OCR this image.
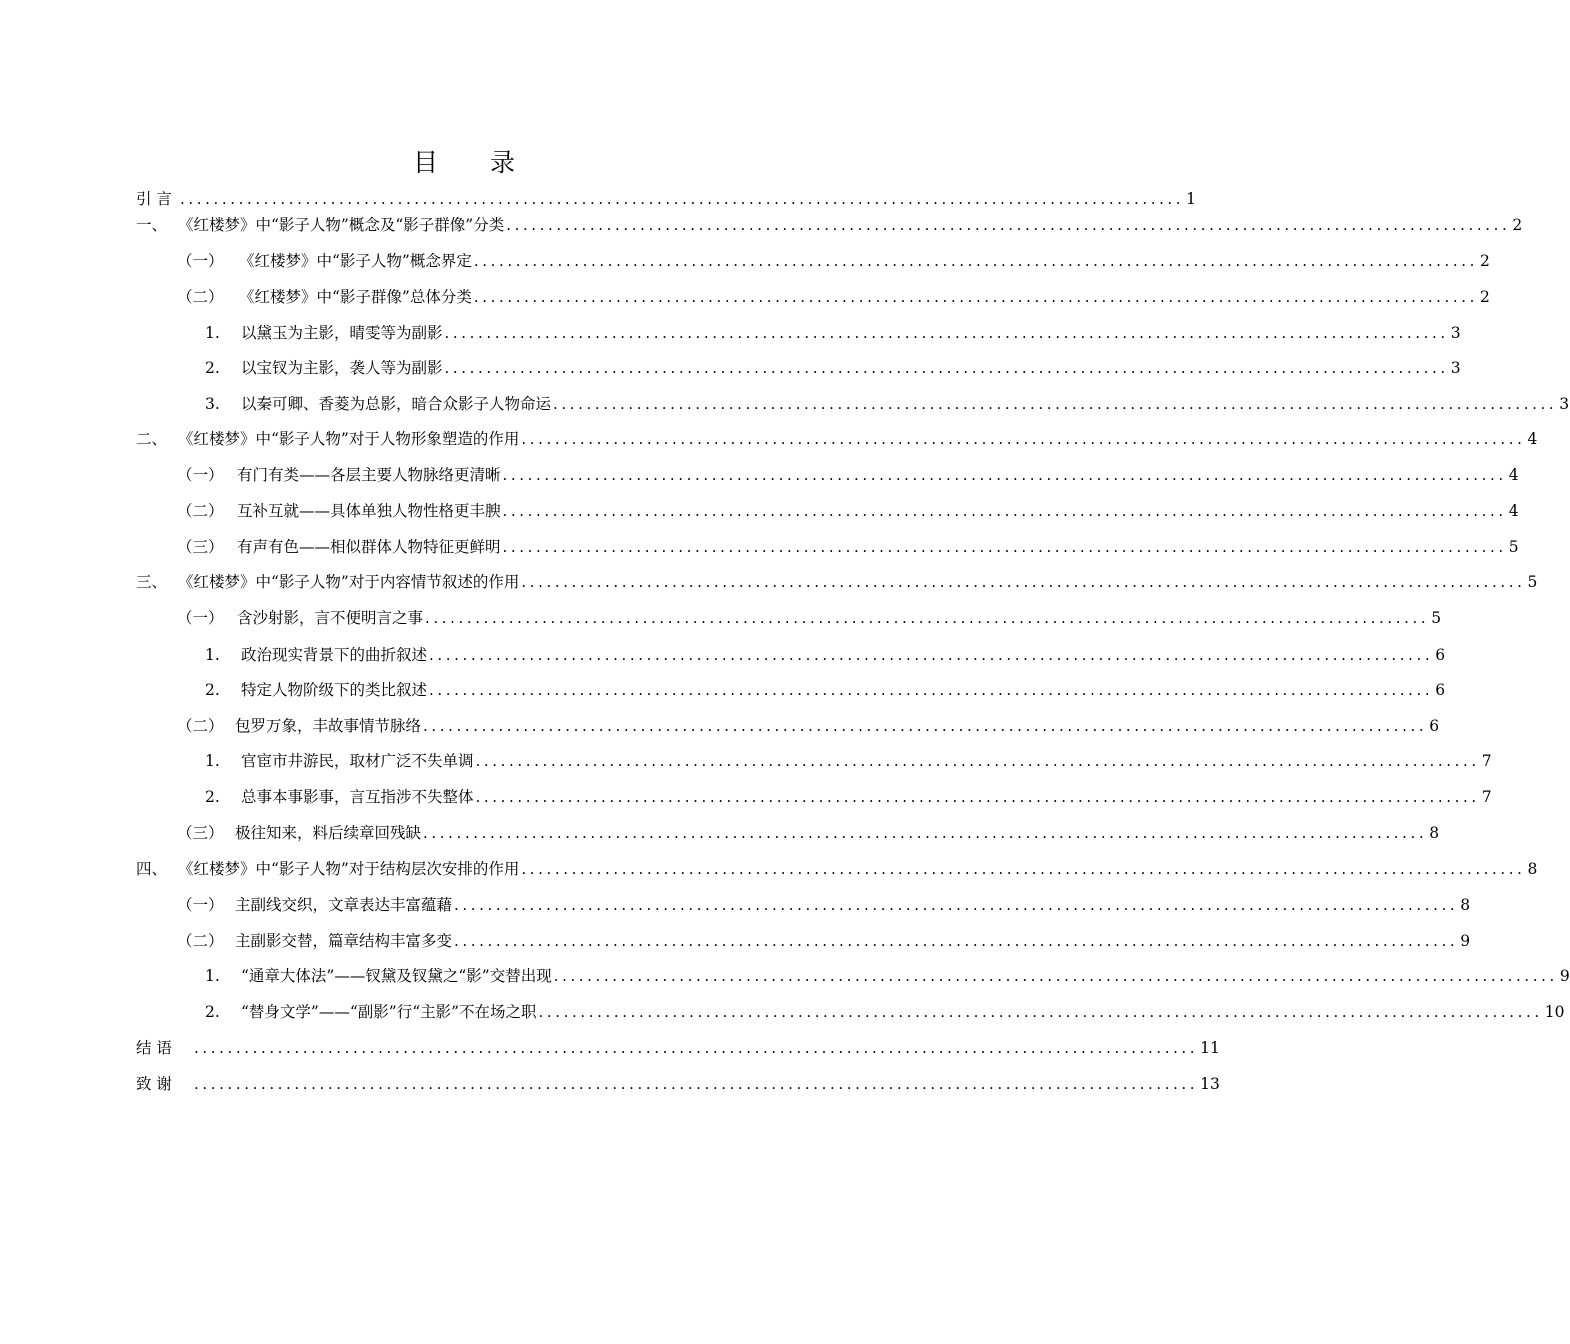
目 录
引 言 ........................................................................................................................ 1
一、 《红楼梦》中“影子人物”概念及“影子群像”分类 ........................................................................................................................ 2
（一） 《红楼梦》中“影子人物”概念界定 ........................................................................................................................ 2
（二） 《红楼梦》中“影子群像”总体分类 ........................................................................................................................ 2
1.	以黛玉为主影，晴雯等为副影 ........................................................................................................................ 3
2.	以宝钗为主影，袭人等为副影 ........................................................................................................................ 3
3.	以秦可卿、香菱为总影，暗合众影子人物命运 ........................................................................................................................ 3
二、 《红楼梦》中“影子人物”对于人物形象塑造的作用 ........................................................................................................................ 4
（一） 有门有类——各层主要人物脉络更清晰 ........................................................................................................................ 4
（二） 互补互就——具体单独人物性格更丰腴 ........................................................................................................................ 4
（三） 有声有色——相似群体人物特征更鲜明 ........................................................................................................................ 5
三、 《红楼梦》中“影子人物”对于内容情节叙述的作用 ........................................................................................................................ 5
（一） 含沙射影，言不便明言之事 ........................................................................................................................ 5
1.	政治现实背景下的曲折叙述 ........................................................................................................................ 6
2.	特定人物阶级下的类比叙述 ........................................................................................................................ 6
（二） 包罗万象，丰故事情节脉络 ........................................................................................................................ 6
1.	官宦市井游民，取材广泛不失单调 ........................................................................................................................ 7
2.	总事本事影事，言互指涉不失整体 ........................................................................................................................ 7
（三） 极往知来，料后续章回残缺 ........................................................................................................................ 8
四、 《红楼梦》中“影子人物”对于结构层次安排的作用 ........................................................................................................................ 8
（一） 主副线交织，文章表达丰富蕴藉 ........................................................................................................................ 8
（二） 主副影交替，篇章结构丰富多变 ........................................................................................................................ 9
1.	“通章大体法”——钗黛及钗黛之“影”交替出现 ........................................................................................................................ 9
2.	“替身文学”——“副影”行“主影”不在场之职 ........................................................................................................................ 10
结 语	........................................................................................................................ 11
致 谢	........................................................................................................................ 13
